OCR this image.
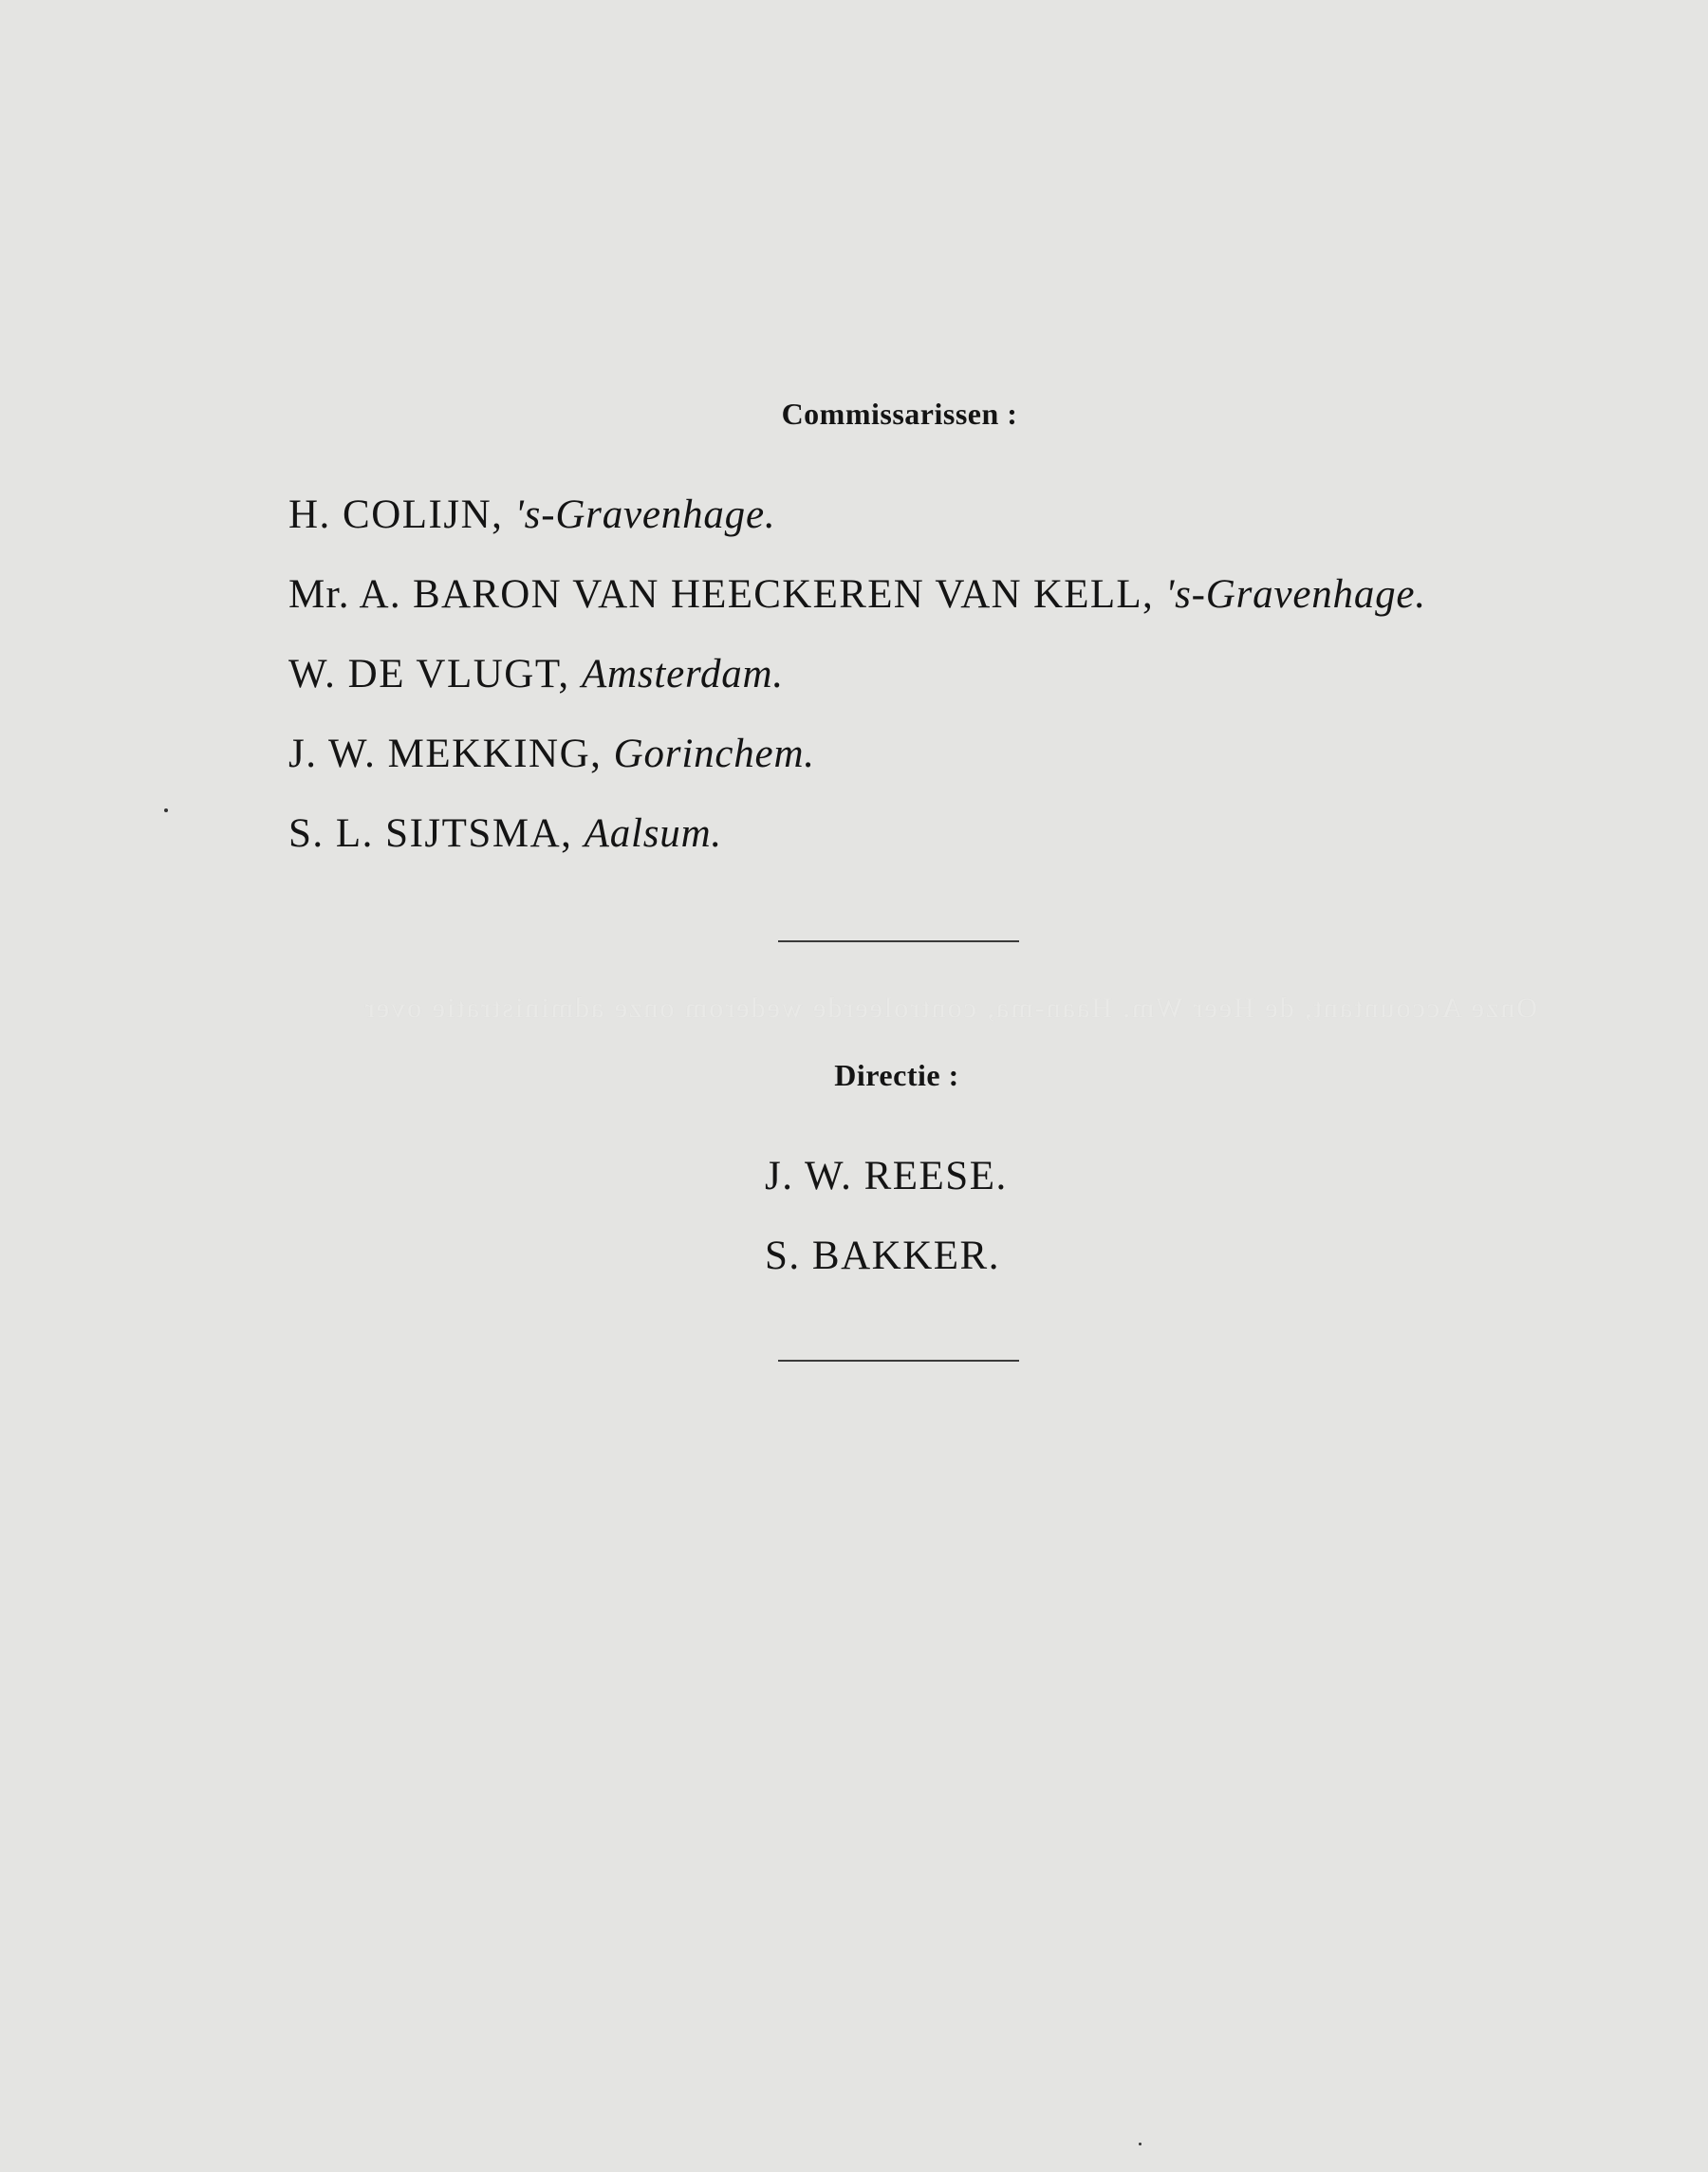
Commissarissen :
H. COLIJN, 's-Gravenhage.
Mr. A. BARON VAN HEECKEREN VAN KELL, 's-Gravenhage.
W. DE VLUGT, Amsterdam.
J. W. MEKKING, Gorinchem.
S. L. SIJTSMA, Aalsum.
Onze Accountant, de Heer Wm. Haan-ma, controleerde wederom onze administratie over
Directie :
J. W. REESE.
S. BAKKER.
